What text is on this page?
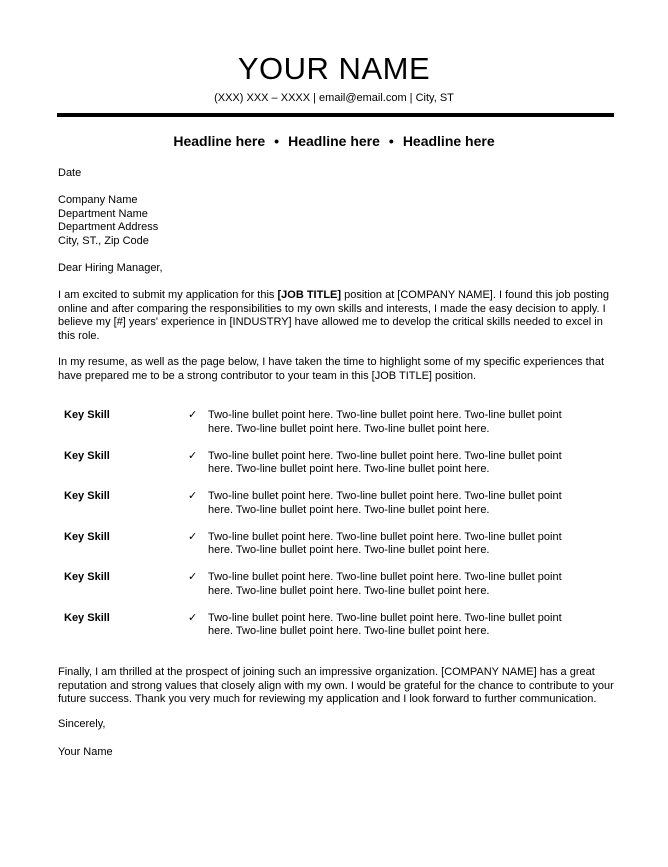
YOUR NAME
(XXX) XXX – XXXX | email@email.com | City, ST
Headline here • Headline here • Headline here
Date
Company Name
Department Name
Department Address
City, ST., Zip Code
Dear Hiring Manager,
I am excited to submit my application for this [JOB TITLE] position at [COMPANY NAME]. I found this job posting online and after comparing the responsibilities to my own skills and interests, I made the easy decision to apply. I believe my [#] years' experience in [INDUSTRY] have allowed me to develop the critical skills needed to excel in this role.
In my resume, as well as the page below, I have taken the time to highlight some of my specific experiences that have prepared me to be a strong contributor to your team in this [JOB TITLE] position.
Key Skill	✓ Two-line bullet point here. Two-line bullet point here. Two-line bullet point here. Two-line bullet point here. Two-line bullet point here.
Key Skill	✓ Two-line bullet point here. Two-line bullet point here. Two-line bullet point here. Two-line bullet point here. Two-line bullet point here.
Key Skill	✓ Two-line bullet point here. Two-line bullet point here. Two-line bullet point here. Two-line bullet point here. Two-line bullet point here.
Key Skill	✓ Two-line bullet point here. Two-line bullet point here. Two-line bullet point here. Two-line bullet point here. Two-line bullet point here.
Key Skill	✓ Two-line bullet point here. Two-line bullet point here. Two-line bullet point here. Two-line bullet point here. Two-line bullet point here.
Key Skill	✓ Two-line bullet point here. Two-line bullet point here. Two-line bullet point here. Two-line bullet point here. Two-line bullet point here.
Finally, I am thrilled at the prospect of joining such an impressive organization. [COMPANY NAME] has a great reputation and strong values that closely align with my own. I would be grateful for the chance to contribute to your future success. Thank you very much for reviewing my application and I look forward to further communication.
Sincerely,
Your Name
